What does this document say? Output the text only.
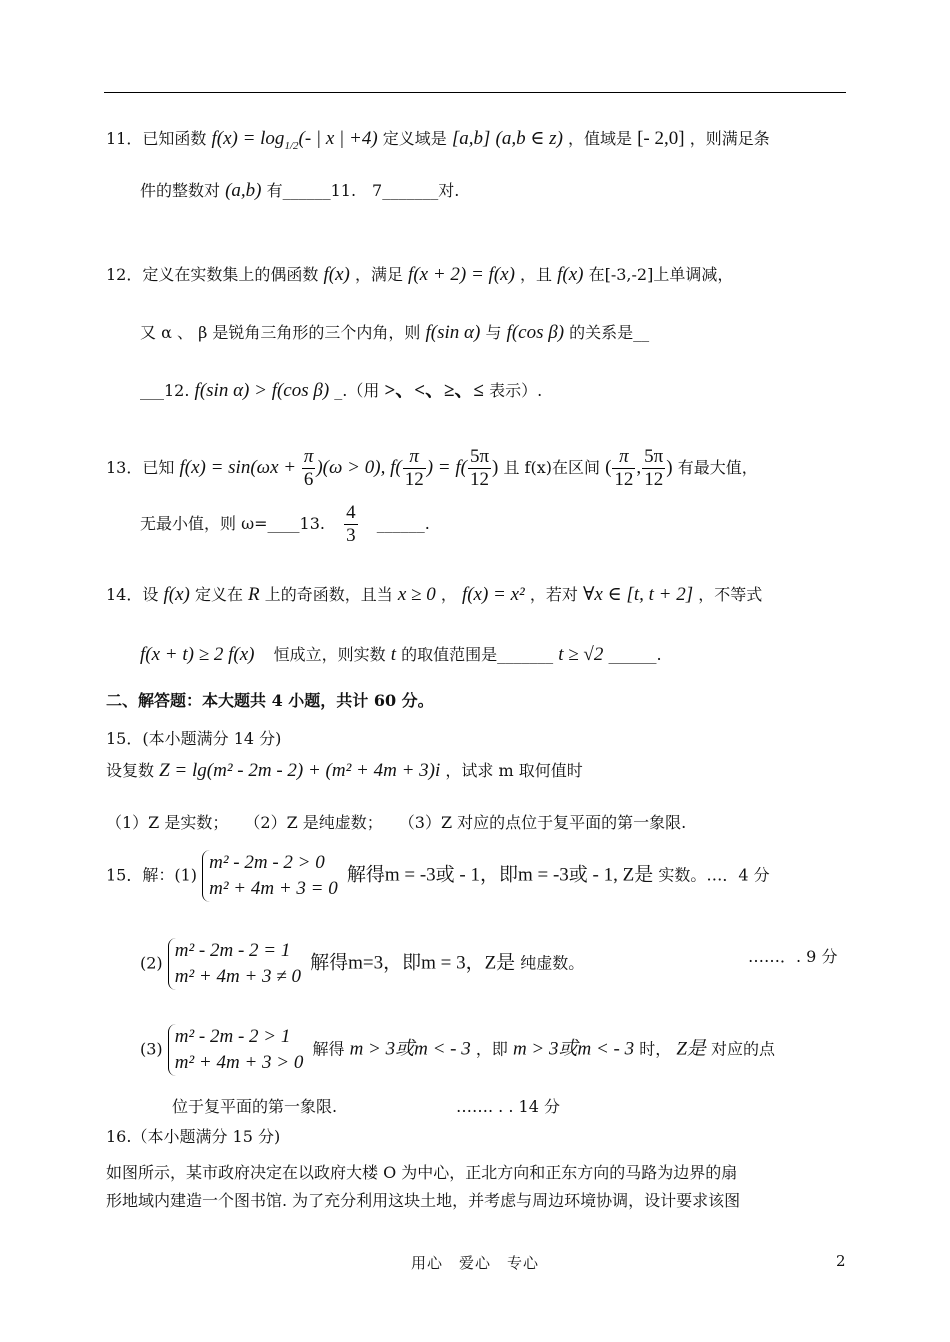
11．已知函数 $f(x) = \log_{1/2}(-$ | x | +4) 定义域是 [a,b] (a,b ∈ z) ，值域是 [- 2,0] ，则满足条
件的整数对 (a,b) 有______11.　7_______对.
12．定义在实数集上的偶函数 f(x) ，满足 f(x + 2) = f(x) ，且 f(x) 在[-3,-2]上单调减，
又 α 、 β 是锐角三角形的三个内角，则 f(sin α) 与 f(cos β) 的关系是__
___12. f(sin α) > f(cos β) _.（用 >、<、≥、≤ 表示）.
13．已知 $f(x) = \sin(\omega x + \frac{\pi}{6} )(\omega > 0)$, $f( \frac{\pi}{12}$ ) = $f( \frac{5\pi}{12}$ ) 且 f(x)在区间 ( $\frac{\pi}{12}$ , $\frac{5\pi}{12}$ ) 有最大值，
无最小值，则 ω=____13. $\frac{4}{3}$ ______.
14．设 f(x) 定义在 R 上的奇函数，且当 x ≥ 0 ， f(x) = x² ，若对 ∀x ∈ [t, t + 2] ，不等式
f(x + t) ≥ 2 f(x) 恒成立，则实数 t 的取值范围是_______ t ≥ √2 ______.
二、解答题：本大题共 4 小题，共计 60 分。
15．(本小题满分 14 分)
设复数 Z = lg(m² - 2m - 2) + (m² + 4m + 3)i ，试求 m 取何值时
（1）Z 是实数；　　（2）Z 是纯虚数；　　（3）Z 对应的点位于复平面的第一象限.
15．解：(1)
m² - 2m - 2 > 0
m² + 4m + 3 = 0
解得m = -3或 - 1，即m = -3或 - 1, Z是 实数。…．4 分
(2)
m² - 2m - 2 = 1
m² + 4m + 3 ≠ 0
解得m=3，即m = 3，Z是 纯虚数。	……．. 9 分
(3)
m² - 2m - 2 > 1
m² + 4m + 3 > 0
解得 m > 3或m < - 3 ，即 m > 3或m < - 3 时， Z是 对应的点
位于复平面的第一象限.	……. . . 14 分
16.（本小题满分 15 分)
如图所示，某市政府决定在以政府大楼 O 为中心，正北方向和正东方向的马路为边界的扇
形地域内建造一个图书馆. 为了充分利用这块土地，并考虑与周边环境协调，设计要求该图
用心　爱心　专心	2
